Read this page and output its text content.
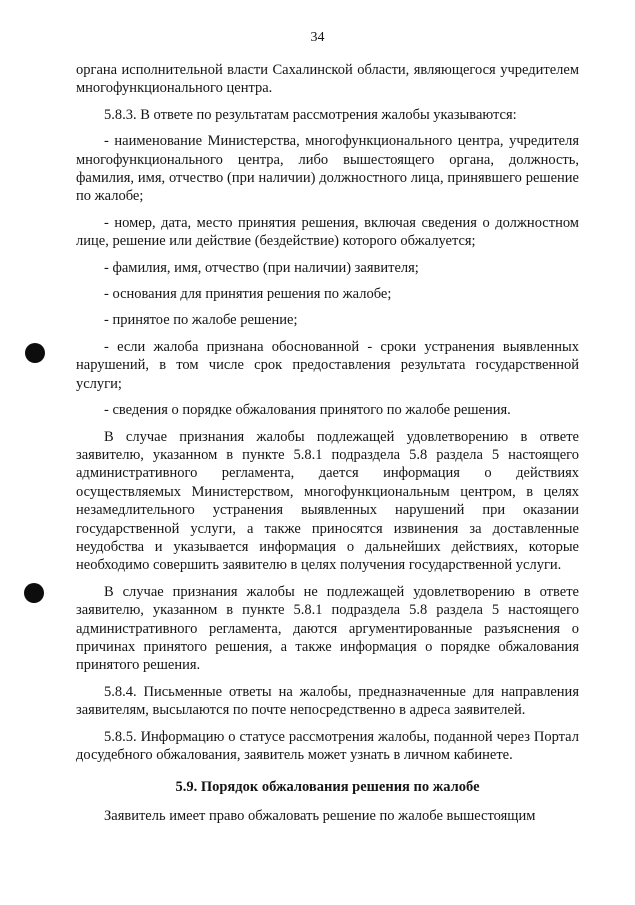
34

органа исполнительной власти Сахалинской области, являющегося учредителем многофункционального центра.

5.8.3. В ответе по результатам рассмотрения жалобы указываются:

- наименование Министерства, многофункционального центра, учредителя многофункционального центра, либо вышестоящего органа, должность, фамилия, имя, отчество (при наличии) должностного лица, принявшего решение по жалобе;

- номер, дата, место принятия решения, включая сведения о должностном лице, решение или действие (бездействие) которого обжалуется;

- фамилия, имя, отчество (при наличии) заявителя;

- основания для принятия решения по жалобе;

- принятое по жалобе решение;

- если жалоба признана обоснованной - сроки устранения выявленных нарушений, в том числе срок предоставления результата государственной услуги;

- сведения о порядке обжалования принятого по жалобе решения.

В случае признания жалобы подлежащей удовлетворению в ответе заявителю, указанном в пункте 5.8.1 подраздела 5.8 раздела 5 настоящего административного регламента, дается информация о действиях осуществляемых Министерством, многофункциональным центром, в целях незамедлительного устранения выявленных нарушений при оказании государственной услуги, а также приносятся извинения за доставленные неудобства и указывается информация о дальнейших действиях, которые необходимо совершить заявителю в целях получения государственной услуги.

В случае признания жалобы не подлежащей удовлетворению в ответе заявителю, указанном в пункте 5.8.1 подраздела 5.8 раздела 5 настоящего административного регламента, даются аргументированные разъяснения о причинах принятого решения, а также информация о порядке обжалования принятого решения.

5.8.4. Письменные ответы на жалобы, предназначенные для направления заявителям, высылаются по почте непосредственно в адреса заявителей.

5.8.5. Информацию о статусе рассмотрения жалобы, поданной через Портал досудебного обжалования, заявитель может узнать в личном кабинете.

5.9. Порядок обжалования решения по жалобе

Заявитель имеет право обжаловать решение по жалобе вышестоящим
